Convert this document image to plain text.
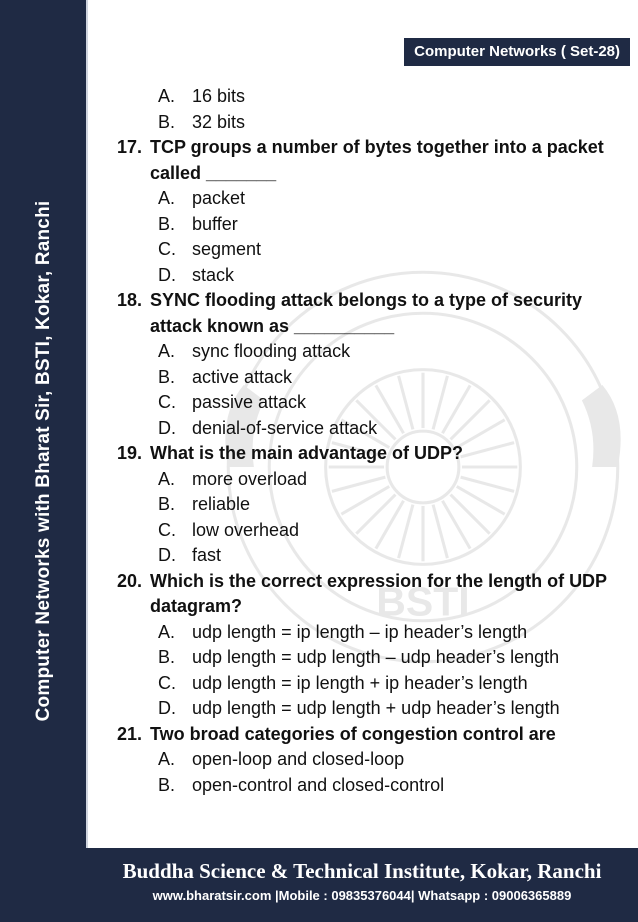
Computer Networks with Bharat Sir, BSTI, Kokar, Ranchi
Computer Networks ( Set-28)
BSTI
A. 16 bits
B. 32 bits
17. TCP groups a number of bytes together into a packet called _______
A. packet
B. buffer
C. segment
D. stack
18. SYNC flooding attack belongs to a type of security attack known as __________
A. sync flooding attack
B. active attack
C. passive attack
D. denial-of-service attack
19. What is the main advantage of UDP?
A. more overload
B. reliable
C. low overhead
D. fast
20. Which is the correct expression for the length of UDP datagram?
A. udp length = ip length – ip header’s length
B. udp length = udp length – udp header’s length
C. udp length = ip length + ip header’s length
D. udp length = udp length + udp header’s length
21. Two broad categories of congestion control are
A. open-loop and closed-loop
B. open-control and closed-control
Buddha Science & Technical Institute, Kokar, Ranchi
www.bharatsir.com |Mobile : 09835376044| Whatsapp : 09006365889
